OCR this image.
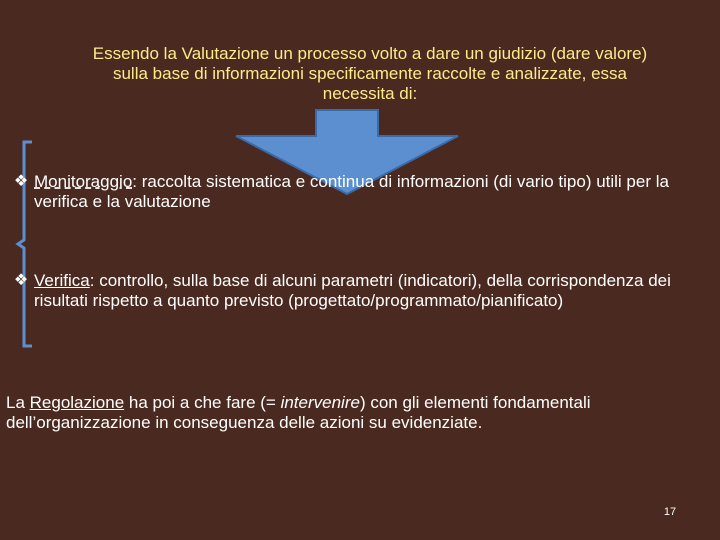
Essendo la Valutazione un processo volto a dare un giudizio (dare valore)
sulla base di informazioni specificamente raccolte e analizzate, essa
necessita di:
❖ Monitoraggio: raccolta sistematica e continua di informazioni (di vario tipo) utili per la verifica e la valutazione
❖ Verifica: controllo, sulla base di alcuni parametri (indicatori), della corrispondenza dei risultati rispetto a quanto previsto (progettato/programmato/pianificato)
La Regolazione ha poi a che fare (= intervenire) con gli elementi fondamentali dell’organizzazione in conseguenza delle azioni su evidenziate.
17
